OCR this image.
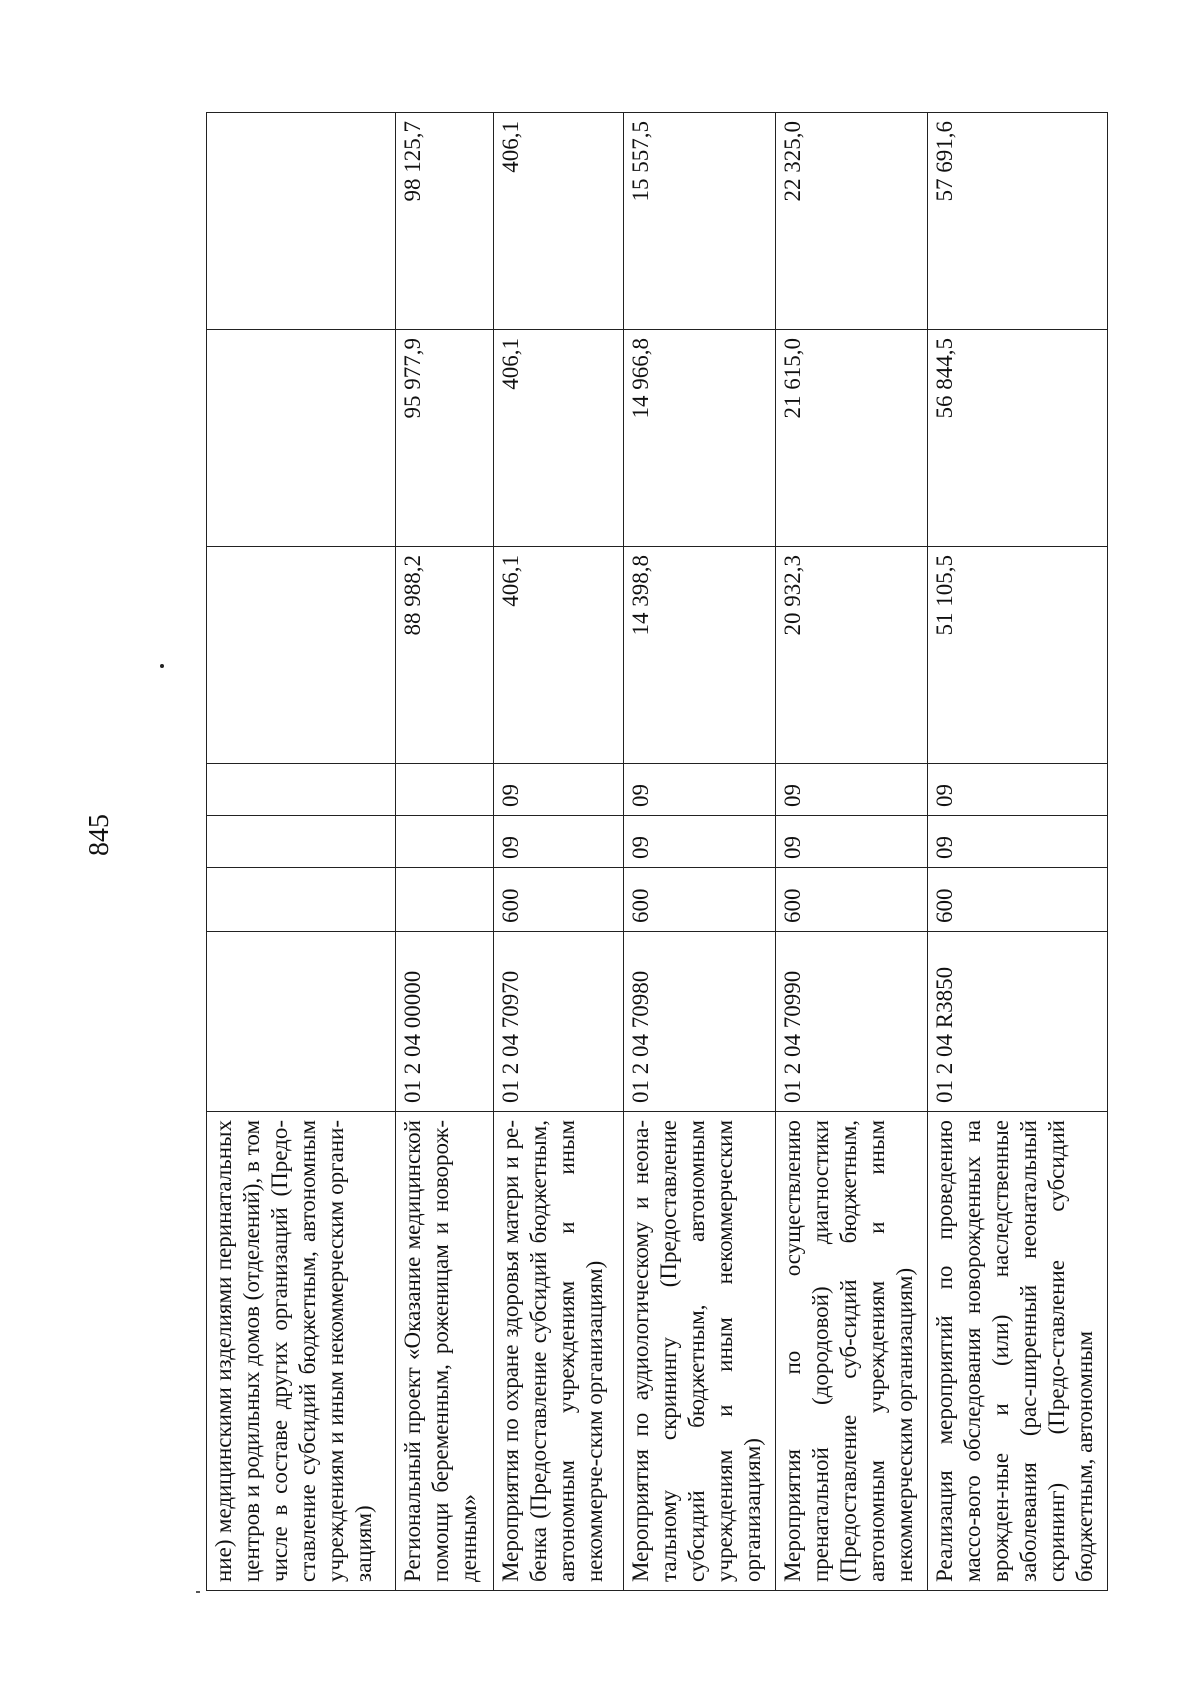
845
ние) медицинскими изделиями перинатальных центров и родильных домов (отделений), в том числе в составе других организаций (Предо-ставление субсидий бюджетным, автономным учреждениям и иным некоммерческим органи-зациям)							
Региональный проект «Оказание медицинской помощи беременным, роженицам и новорож-денным»	01 2 04 00000				88 988,2	95 977,9	98 125,7
Мероприятия по охране здоровья матери и ре-бенка (Предоставление субсидий бюджетным, автономным учреждениям и иным некоммерче-ским организациям)	01 2 04 70970	600	09	09	406,1	406,1	406,1
Мероприятия по аудиологическому и неона-тальному скринингу (Предоставление субсидий бюджетным, автономным учреждениям и иным некоммерческим организациям)	01 2 04 70980	600	09	09	14 398,8	14 966,8	15 557,5
Мероприятия по осуществлению пренатальной (дородовой) диагностики (Предоставление суб-сидий бюджетным, автономным учреждениям и иным некоммерческим организациям)	01 2 04 70990	600	09	09	20 932,3	21 615,0	22 325,0
Реализация мероприятий по проведению массо-вого обследования новорожденных на врожден-ные и (или) наследственные заболевания (рас-ширенный неонатальный скрининг) (Предо-ставление субсидий бюджетным, автономным	01 2 04 R3850	600	09	09	51 105,5	56 844,5	57 691,6
